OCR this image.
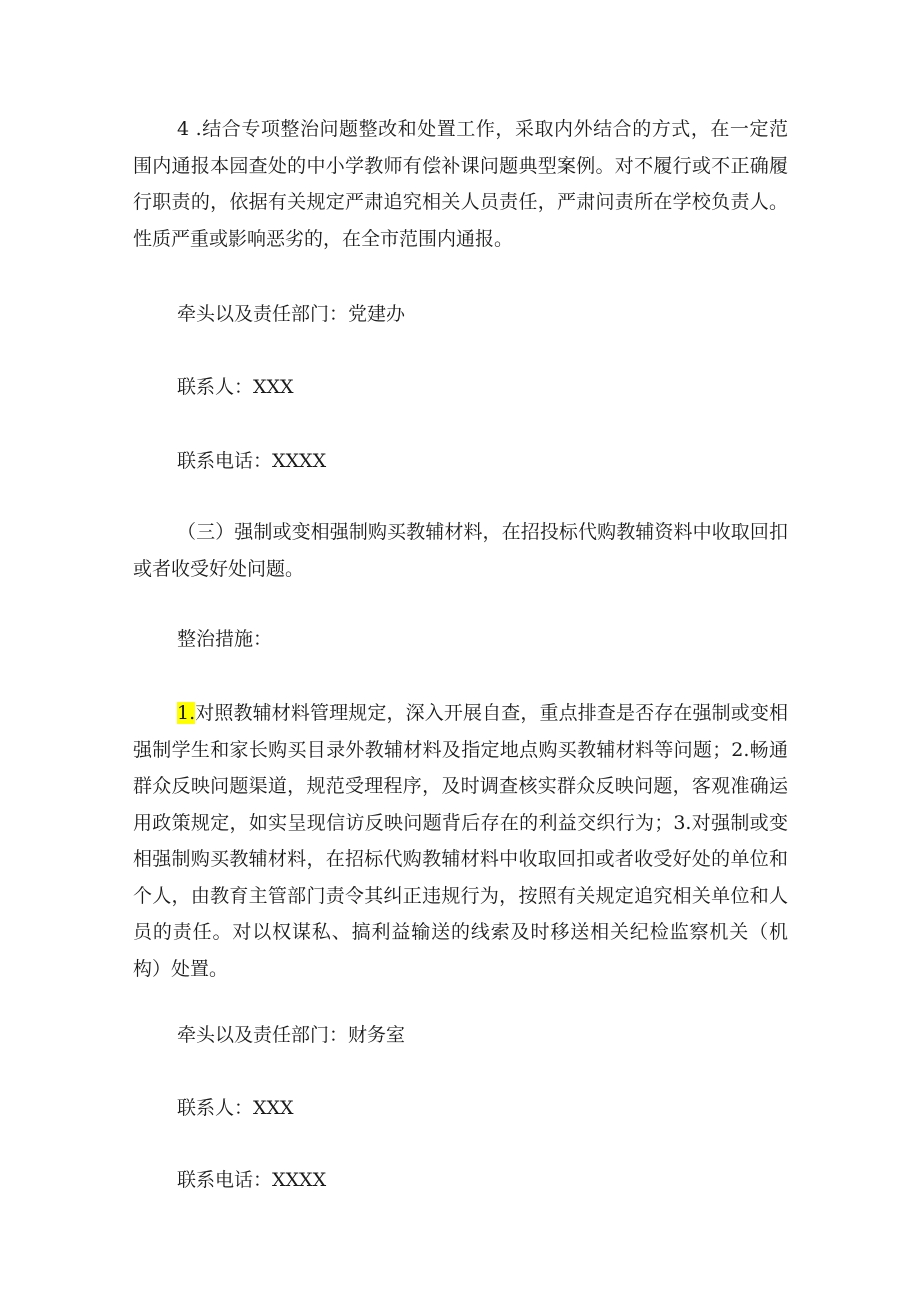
4 .结合专项整治问题整改和处置工作，采取内外结合的方式，在一定范围内通报本园查处的中小学教师有偿补课问题典型案例。对不履行或不正确履行职责的，依据有关规定严肃追究相关人员责任，严肃问责所在学校负责人。性质严重或影响恶劣的，在全市范围内通报。

牵头以及责任部门：党建办

联系人：XXX

联系电话：XXXX

（三）强制或变相强制购买教辅材料，在招投标代购教辅资料中收取回扣或者收受好处问题。

整治措施：

1.对照教辅材料管理规定，深入开展自查，重点排查是否存在强制或变相强制学生和家长购买目录外教辅材料及指定地点购买教辅材料等问题；2.畅通群众反映问题渠道，规范受理程序，及时调查核实群众反映问题，客观准确运用政策规定，如实呈现信访反映问题背后存在的利益交织行为；3.对强制或变相强制购买教辅材料，在招标代购教辅材料中收取回扣或者收受好处的单位和个人，由教育主管部门责令其纠正违规行为，按照有关规定追究相关单位和人员的责任。对以权谋私、搞利益输送的线索及时移送相关纪检监察机关（机构）处置。

牵头以及责任部门：财务室

联系人：XXX

联系电话：XXXX
